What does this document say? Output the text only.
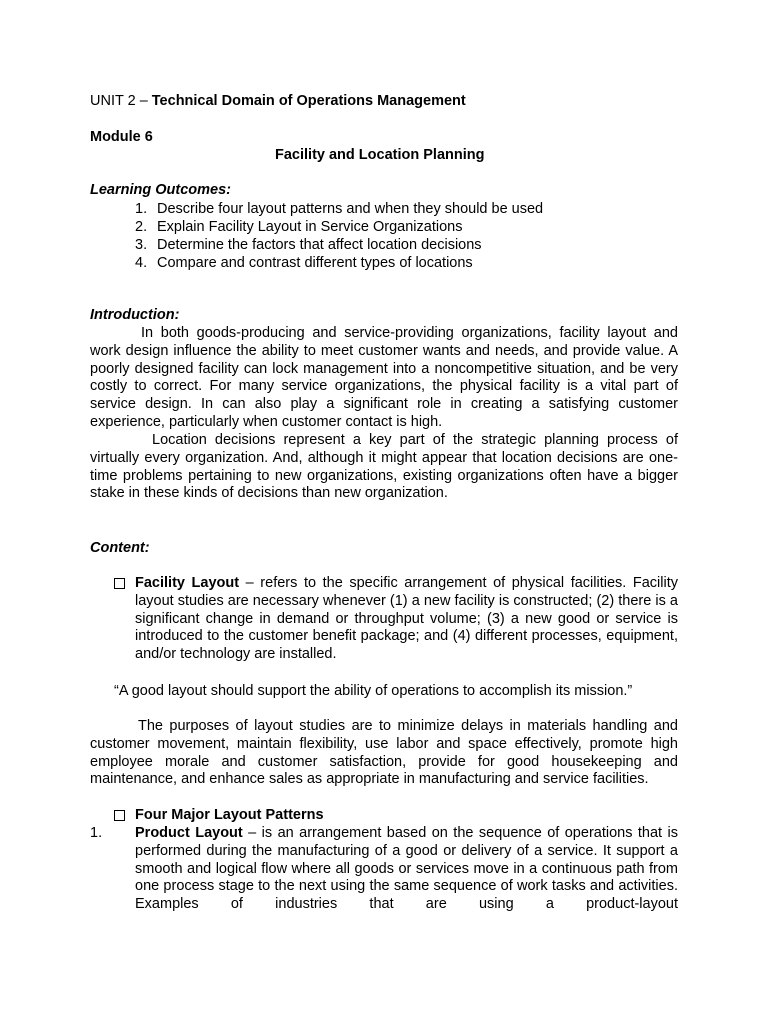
UNIT 2 – Technical Domain of Operations Management
Module 6
Facility and Location Planning
Learning Outcomes:
1. Describe four layout patterns and when they should be used
2. Explain Facility Layout in Service Organizations
3. Determine the factors that affect location decisions
4. Compare and contrast different types of locations
Introduction:
In both goods-producing and service-providing organizations, facility layout and work design influence the ability to meet customer wants and needs, and provide value. A poorly designed facility can lock management into a noncompetitive situation, and be very costly to correct. For many service organizations, the physical facility is a vital part of service design. In can also play a significant role in creating a satisfying customer experience, particularly when customer contact is high.
Location decisions represent a key part of the strategic planning process of virtually every organization. And, although it might appear that location decisions are one-time problems pertaining to new organizations, existing organizations often have a bigger stake in these kinds of decisions than new organization.
Content:
Facility Layout – refers to the specific arrangement of physical facilities. Facility layout studies are necessary whenever (1) a new facility is constructed; (2) there is a significant change in demand or throughput volume; (3) a new good or service is introduced to the customer benefit package; and (4) different processes, equipment, and/or technology are installed.
“A good layout should support the ability of operations to accomplish its mission.”
The purposes of layout studies are to minimize delays in materials handling and customer movement, maintain flexibility, use labor and space effectively, promote high employee morale and customer satisfaction, provide for good housekeeping and maintenance, and enhance sales as appropriate in manufacturing and service facilities.
Four Major Layout Patterns
1. Product Layout – is an arrangement based on the sequence of operations that is performed during the manufacturing of a good or delivery of a service. It support a smooth and logical flow where all goods or services move in a continuous path from one process stage to the next using the same sequence of work tasks and activities. Examples of industries that are using a product-layout
